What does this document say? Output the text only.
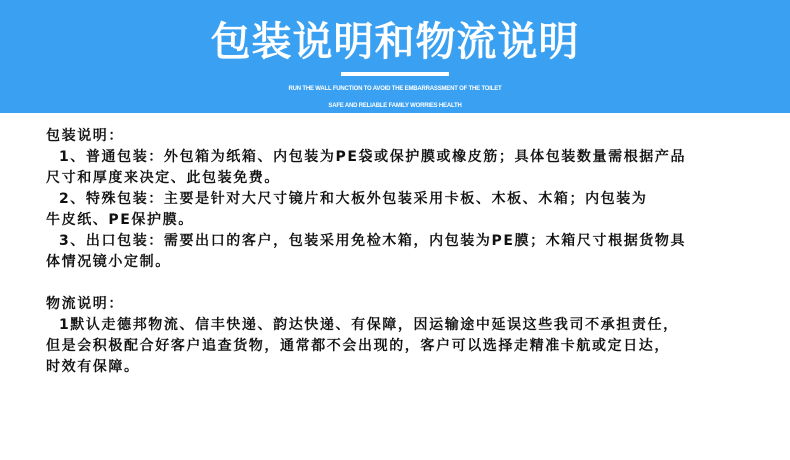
包装说明和物流说明
RUN THE WALL FUNCTION TO AVOID THE EMBARRASSMENT OF THE TOILET
SAFE AND RELIABLE FAMILY WORRIES HEALTH
包装说明：
1、普通包装：外包箱为纸箱、内包装为PE袋或保护膜或橡皮筋；具体包装数量需根据产品
尺寸和厚度来决定、此包装免费。
2、特殊包装：主要是针对大尺寸镜片和大板外包装采用卡板、木板、木箱；内包装为
牛皮纸、PE保护膜。
3、出口包装：需要出口的客户，包装采用免检木箱，内包装为PE膜；木箱尺寸根据货物具
体情况镜小定制。
物流说明：
1默认走德邦物流、信丰快递、韵达快递、有保障，因运输途中延误这些我司不承担责任，
但是会积极配合好客户追查货物，通常都不会出现的，客户可以选择走精准卡航或定日达，
时效有保障。
